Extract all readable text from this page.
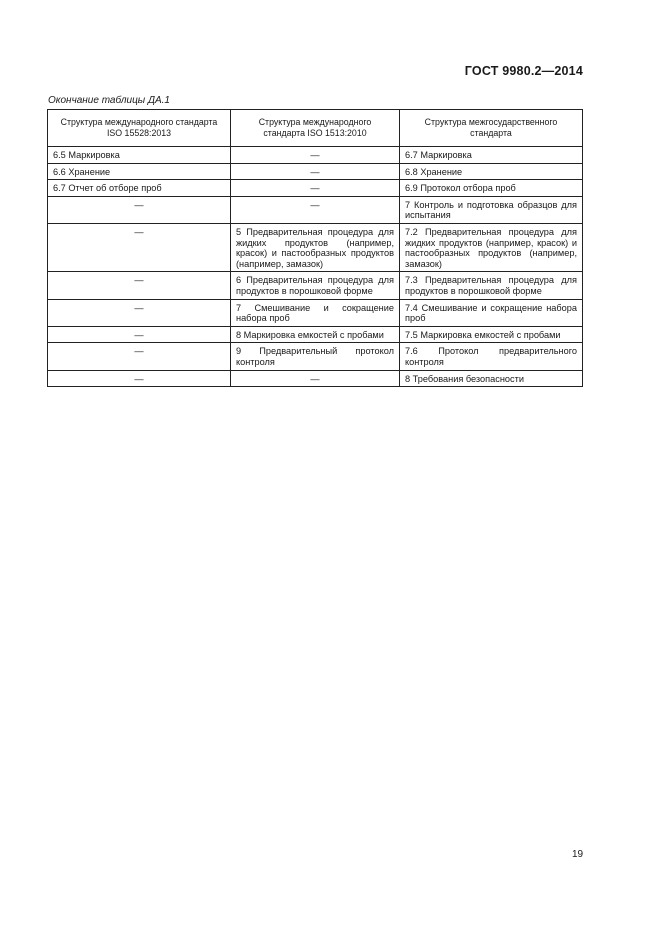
ГОСТ 9980.2—2014
Окончание таблицы ДА.1
Структура международного стандарта ISO 15528:2013	Структура международного стандарта ISO 1513:2010	Структура межгосударственного стандарта
6.5 Маркировка	—	6.7 Маркировка
6.6 Хранение	—	6.8 Хранение
6.7 Отчет об отборе проб	—	6.9 Протокол отбора проб
—	—	7 Контроль и подготовка образцов для испытания
—	5 Предварительная процедура для жидких продуктов (например, красок) и пастообразных продуктов (например, замазок)	7.2 Предварительная процедура для жидких продуктов (например, красок) и пастообразных продуктов (например, замазок)
—	6 Предварительная процедура для продуктов в порошковой форме	7.3 Предварительная процедура для продуктов в порошковой форме
—	7 Смешивание и сокращение набора проб	7.4 Смешивание и сокращение набора проб
—	8 Маркировка емкостей с пробами	7.5 Маркировка емкостей с пробами
—	9 Предварительный протокол контроля	7.6 Протокол предварительного контроля
—	—	8 Требования безопасности
19
